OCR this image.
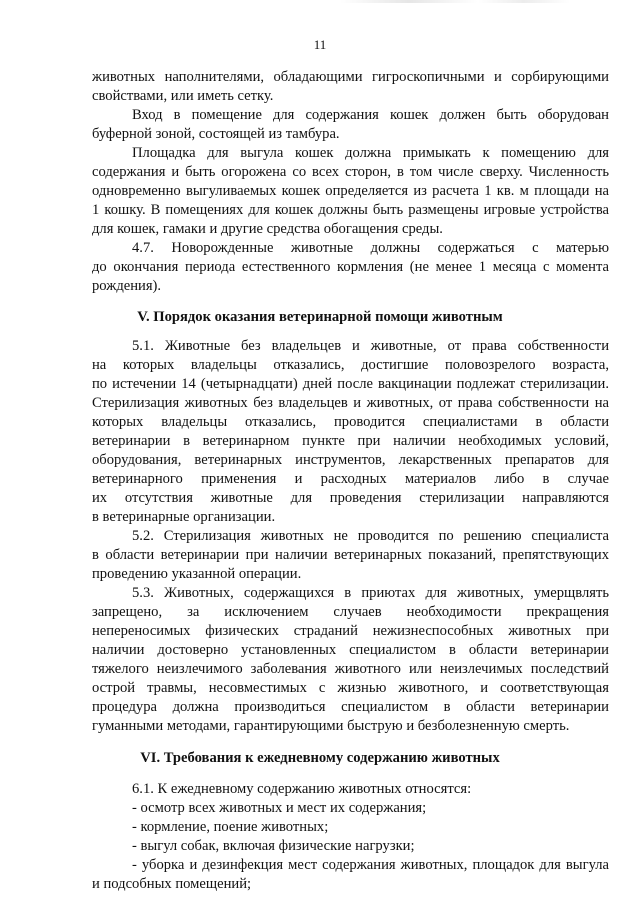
11
животных наполнителями, обладающими гигроскопичными и сорбирующими
свойствами, или иметь сетку.
Вход в помещение для содержания кошек должен быть оборудован
буферной зоной, состоящей из тамбура.
Площадка для выгула кошек должна примыкать к помещению для
содержания и быть огорожена со всех сторон, в том числе сверху. Численность
одновременно выгуливаемых кошек определяется из расчета 1 кв. м площади на
1 кошку. В помещениях для кошек должны быть размещены игровые устройства
для кошек, гамаки и другие средства обогащения среды.
4.7. Новорожденные животные должны содержаться с матерью
до окончания периода естественного кормления (не менее 1 месяца с момента
рождения).
V. Порядок оказания ветеринарной помощи животным
5.1. Животные без владельцев и животные, от права собственности
на которых владельцы отказались, достигшие половозрелого возраста,
по истечении 14 (четырнадцати) дней после вакцинации подлежат стерилизации.
Стерилизация животных без владельцев и животных, от права собственности на
которых владельцы отказались, проводится специалистами в области
ветеринарии в ветеринарном пункте при наличии необходимых условий,
оборудования, ветеринарных инструментов, лекарственных препаратов для
ветеринарного применения и расходных материалов либо в случае
их отсутствия животные для проведения стерилизации направляются
в ветеринарные организации.
5.2. Стерилизация животных не проводится по решению специалиста
в области ветеринарии при наличии ветеринарных показаний, препятствующих
проведению указанной операции.
5.3. Животных, содержащихся в приютах для животных, умерщвлять
запрещено, за исключением случаев необходимости прекращения
непереносимых физических страданий нежизнеспособных животных при
наличии достоверно установленных специалистом в области ветеринарии
тяжелого неизлечимого заболевания животного или неизлечимых последствий
острой травмы, несовместимых с жизнью животного, и соответствующая
процедура должна производиться специалистом в области ветеринарии
гуманными методами, гарантирующими быструю и безболезненную смерть.
VI. Требования к ежедневному содержанию животных
6.1. К ежедневному содержанию животных относятся:
- осмотр всех животных и мест их содержания;
- кормление, поение животных;
- выгул собак, включая физические нагрузки;
- уборка и дезинфекция мест содержания животных, площадок для выгула
и подсобных помещений;
